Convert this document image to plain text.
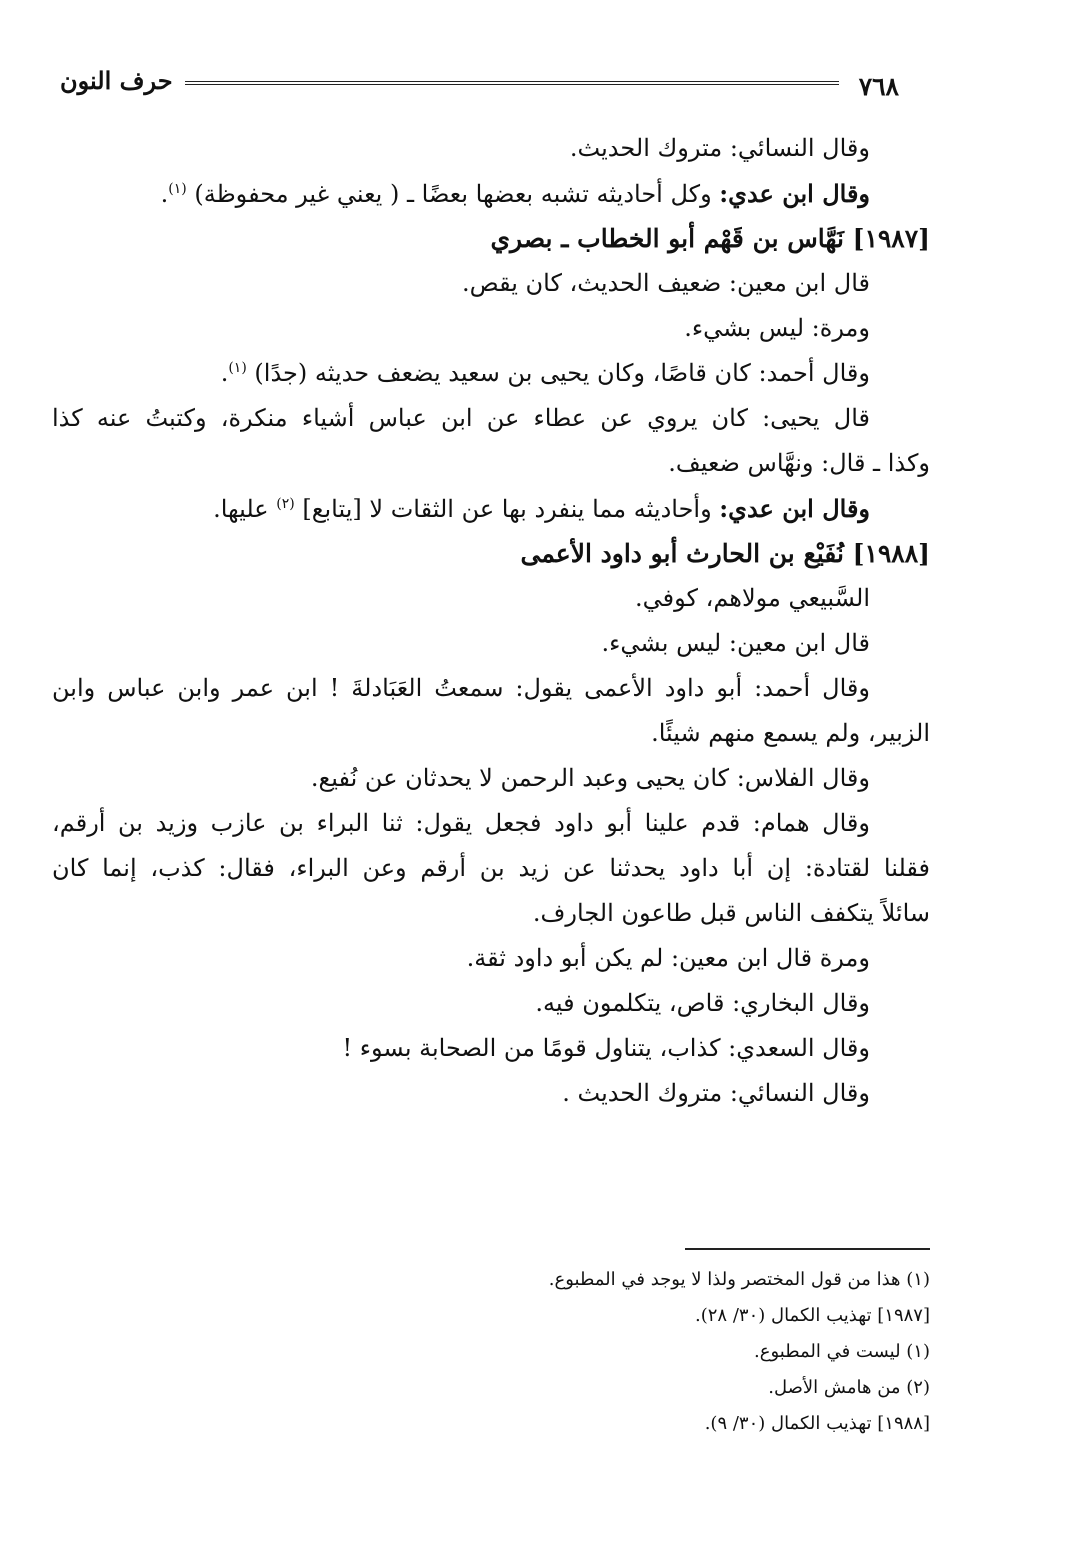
٧٦٨
حرف النون
وقال النسائي: متروك الحديث.
وقال ابن عدي: وكل أحاديثه تشبه بعضها بعضًا ـ ( يعني غير محفوظة) $^{(١)}$.
[١٩٨٧] نَهَّاس بن قَهْم أبو الخطاب ـ بصري
قال ابن معين: ضعيف الحديث، كان يقص.
ومرة: ليس بشيء.
وقال أحمد: كان قاصًا، وكان يحيى بن سعيد يضعف حديثه (جدًا) $^{(١)}$.
قال يحيى: كان يروي عن عطاء عن ابن عباس أشياء منكرة، وكتبتُ عنه كذا
وكذا ـ قال: ونهَّاس ضعيف.
وقال ابن عدي: وأحاديثه مما ينفرد بها عن الثقات لا [يتابع] $^{(٢)}$ عليها.
[١٩٨٨] نُفَيْع بن الحارث أبو داود الأعمى
السَّبيعي مولاهم، كوفي.
قال ابن معين: ليس بشيء.
وقال أحمد: أبو داود الأعمى يقول: سمعتُ العَبَادلةَ ! ابن عمر وابن عباس وابن
الزبير، ولم يسمع منهم شيئًا.
وقال الفلاس: كان يحيى وعبد الرحمن لا يحدثان عن نُفيع.
وقال همام: قدم علينا أبو داود فجعل يقول: ثنا البراء بن عازب وزيد بن أرقم،
فقلنا لقتادة: إن أبا داود يحدثنا عن زيد بن أرقم وعن البراء، فقال: كذب، إنما كان
سائلاً يتكفف الناس قبل طاعون الجارف.
ومرة قال ابن معين: لم يكن أبو داود ثقة.
وقال البخاري: قاص، يتكلمون فيه.
وقال السعدي: كذاب، يتناول قومًا من الصحابة بسوء !
وقال النسائي: متروك الحديث .
(١) هذا من قول المختصر ولذا لا يوجد في المطبوع.
[١٩٨٧] تهذيب الكمال (٣٠/ ٢٨).
(١) ليست في المطبوع.
(٢) من هامش الأصل.
[١٩٨٨] تهذيب الكمال (٣٠/ ٩).
